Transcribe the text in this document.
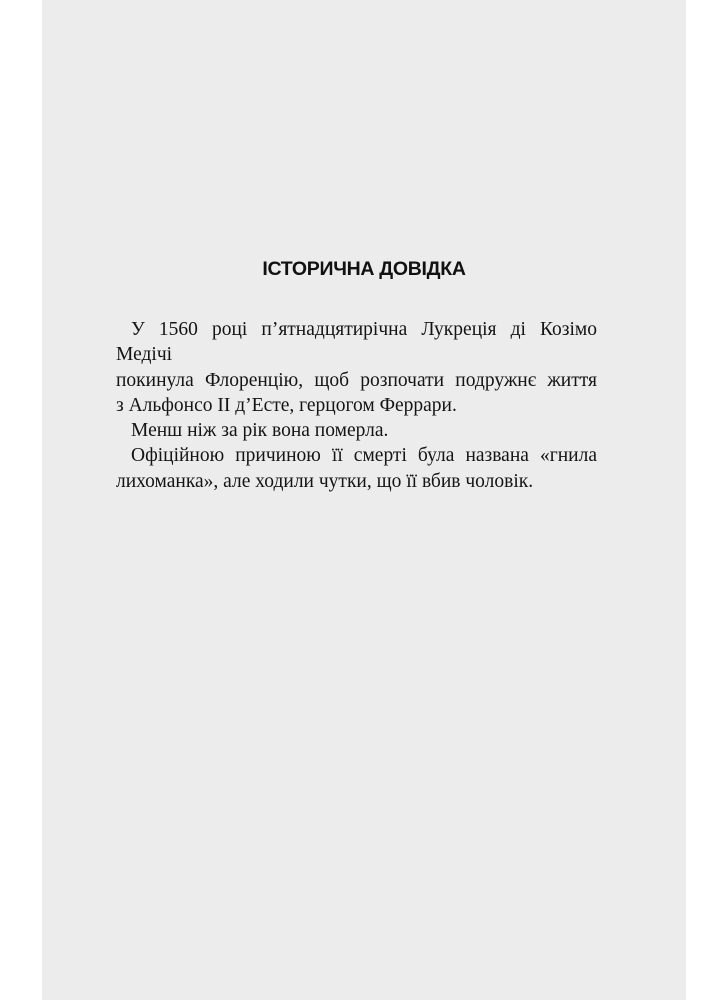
ІСТОРИЧНА ДОВІДКА

У 1560 році п’ятнадцятирічна Лукреція ді Козімо Медічі
покинула Флоренцію, щоб розпочати подружнє життя
з Альфонсо II д’Есте, герцогом Феррари.

Менш ніж за рік вона померла.

Офіційною причиною її смерті була названа «гнила
лихоманка», але ходили чутки, що її вбив чоловік.
